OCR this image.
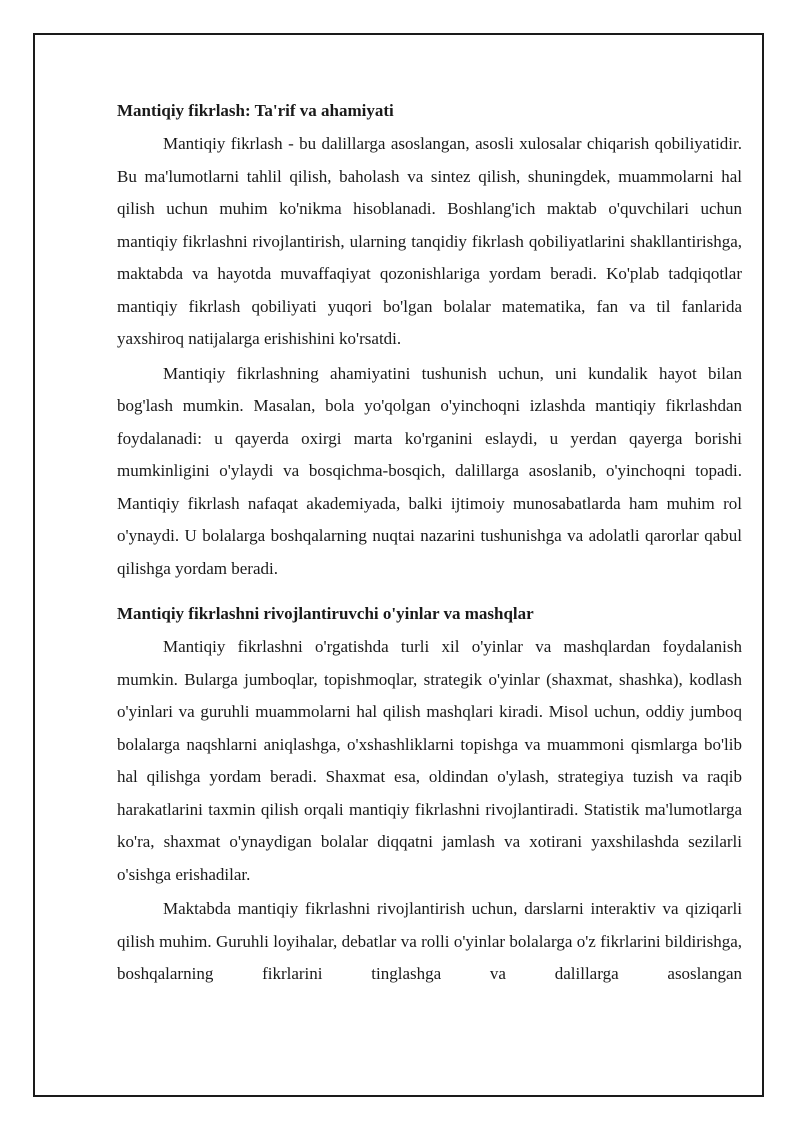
Mantiqiy fikrlash: Ta'rif va ahamiyati

Mantiqiy fikrlash - bu dalillarga asoslangan, asosli xulosalar chiqarish qobiliyatidir. Bu ma'lumotlarni tahlil qilish, baholash va sintez qilish, shuningdek, muammolarni hal qilish uchun muhim ko'nikma hisoblanadi. Boshlang'ich maktab o'quvchilari uchun mantiqiy fikrlashni rivojlantirish, ularning tanqidiy fikrlash qobiliyatlarini shakllantirishga, maktabda va hayotda muvaffaqiyat qozonishlariga yordam beradi. Ko'plab tadqiqotlar mantiqiy fikrlash qobiliyati yuqori bo'lgan bolalar matematika, fan va til fanlarida yaxshiroq natijalarga erishishini ko'rsatdi.

Mantiqiy fikrlashning ahamiyatini tushunish uchun, uni kundalik hayot bilan bog'lash mumkin. Masalan, bola yo'qolgan o'yinchoqni izlashda mantiqiy fikrlashdan foydalanadi: u qayerda oxirgi marta ko'rganini eslaydi, u yerdan qayerga borishi mumkinligini o'ylaydi va bosqichma-bosqich, dalillarga asoslanib, o'yinchoqni topadi. Mantiqiy fikrlash nafaqat akademiyada, balki ijtimoiy munosabatlarda ham muhim rol o'ynaydi. U bolalarga boshqalarning nuqtai nazarini tushunishga va adolatli qarorlar qabul qilishga yordam beradi.

Mantiqiy fikrlashni rivojlantiruvchi o'yinlar va mashqlar

Mantiqiy fikrlashni o'rgatishda turli xil o'yinlar va mashqlardan foydalanish mumkin. Bularga jumboqlar, topishmoqlar, strategik o'yinlar (shaxmat, shashka), kodlash o'yinlari va guruhli muammolarni hal qilish mashqlari kiradi. Misol uchun, oddiy jumboq bolalarga naqshlarni aniqlashga, o'xshashliklarni topishga va muammoni qismlarga bo'lib hal qilishga yordam beradi. Shaxmat esa, oldindan o'ylash, strategiya tuzish va raqib harakatlarini taxmin qilish orqali mantiqiy fikrlashni rivojlantiradi. Statistik ma'lumotlarga ko'ra, shaxmat o'ynaydigan bolalar diqqatni jamlash va xotirani yaxshilashda sezilarli o'sishga erishadilar.

Maktabda mantiqiy fikrlashni rivojlantirish uchun, darslarni interaktiv va qiziqarli qilish muhim. Guruhli loyihalar, debatlar va rolli o'yinlar bolalarga o'z fikrlarini bildirishga, boshqalarning fikrlarini tinglashga va dalillarga asoslangan
